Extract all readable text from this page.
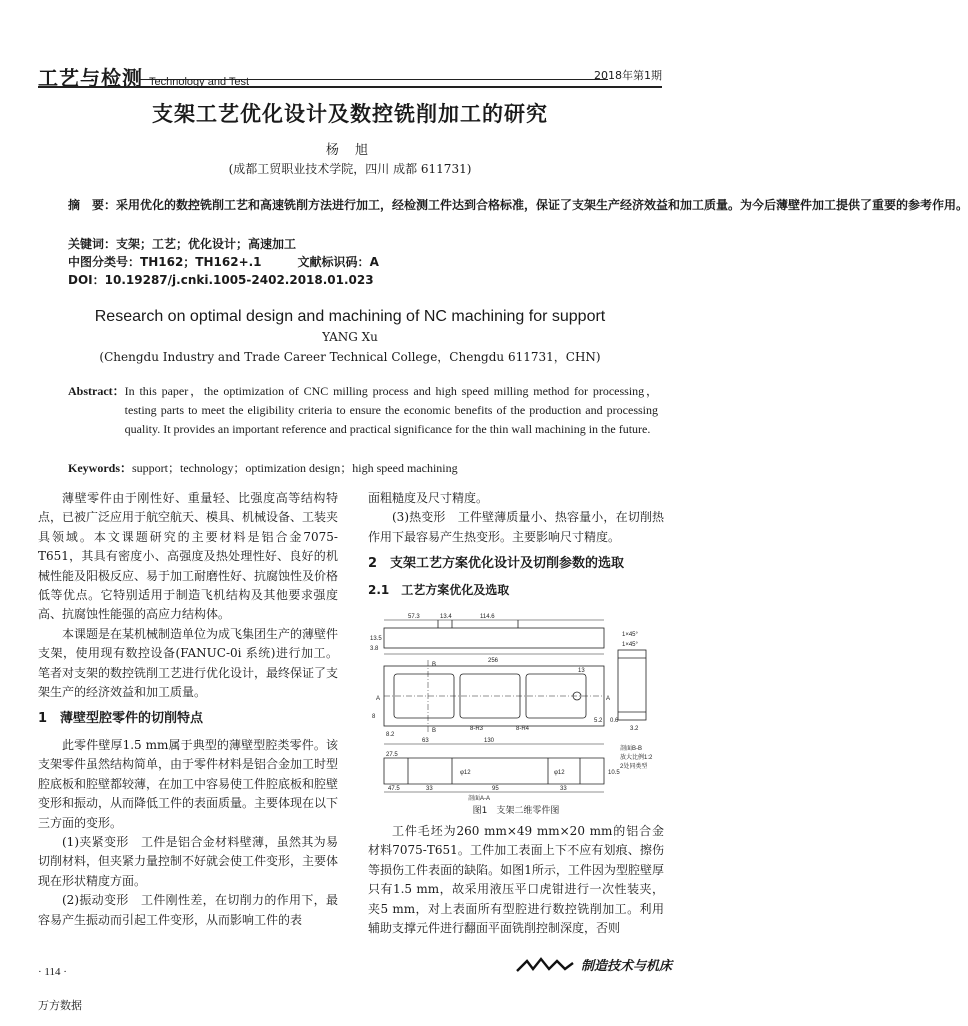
工艺与检测 Technology and Test	2018年第1期
支架工艺优化设计及数控铣削加工的研究
杨 旭
(成都工贸职业技术学院，四川 成都 611731)
摘　要： 采用优化的数控铣削工艺和高速铣削方法进行加工，经检测工件达到合格标准，保证了支架生产经济效益和加工质量。为今后薄壁件加工提供了重要的参考作用。
关键词：支架；工艺；优化设计；高速加工
中图分类号：TH162；TH162+.1	文献标识码：A
DOI：10.19287/j.cnki.1005-2402.2018.01.023
Research on optimal design and machining of NC machining for support
YANG Xu
(Chengdu Industry and Trade Career Technical College，Chengdu 611731，CHN)
Abstract： In this paper，the optimization of CNC milling process and high speed milling method for processing，testing parts to meet the eligibility criteria to ensure the economic benefits of the production and processing quality. It provides an important reference and practical significance for the thin wall machining in the future.
Keywords：support；technology；optimization design；high speed machining

薄壁零件由于刚性好、重量轻、比强度高等结构特点，已被广泛应用于航空航天、模具、机械设备、工装夹具领域。本文课题研究的主要材料是铝合金7075-T651，其具有密度小、高强度及热处理性好、良好的机械性能及阳极反应、易于加工耐磨性好、抗腐蚀性及价格低等优点。它特别适用于制造飞机结构及其他要求强度高、抗腐蚀性能强的高应力结构体。

本课题是在某机械制造单位为成飞集团生产的薄壁件支架，使用现有数控设备(FANUC-0i 系统)进行加工。笔者对支架的数控铣削工艺进行优化设计，最终保证了支架生产的经济效益和加工质量。

1　薄壁型腔零件的切削特点

此零件壁厚1.5 mm属于典型的薄壁型腔类零件。该支架零件虽然结构简单，由于零件材料是铝合金加工时型腔底板和腔壁都较薄，在加工中容易使工件腔底板和腔壁变形和振动，从而降低工件的表面质量。主要体现在以下三方面的变形。

(1)夹紧变形　工件是铝合金材料壁薄，虽然其为易切削材料，但夹紧力量控制不好就会使工件变形，主要体现在形状精度方面。

(2)振动变形　工件刚性差，在切削力的作用下，最容易产生振动而引起工件变形，从而影响工件的表

面粗糙度及尺寸精度。

(3)热变形　工件壁薄质量小、热容量小，在切削热作用下最容易产生热变形。主要影响尺寸精度。

2　支架工艺方案优化设计及切削参数的选取

2.1　工艺方案优化及选取

57.3	13.4	114.6
256
13
13.5
3.8
8-R3	8-R4
8
8.2
63	130
27.5
47.5	33	95	33
φ12	φ12	10.5
1×45°
1×45°
3.2
0.6
5.2
B
B
A	A
剖面A-A
剖面B-B
放大比例1:2
2处同类型
图1　支架二维零件图

工件毛坯为260 mm×49 mm×20 mm的铝合金材料7075-T651。工件加工表面上下不应有划痕、擦伤等损伤工件表面的缺陷。如图1所示，工件因为型腔壁厚只有1.5 mm，故采用液压平口虎钳进行一次性装夹，夹5 mm，对上表面所有型腔进行数控铣削加工。利用辅助支撑元件进行翻面平面铣削控制深度，否则

· 114 ·	制造技术与机床
万方数据
